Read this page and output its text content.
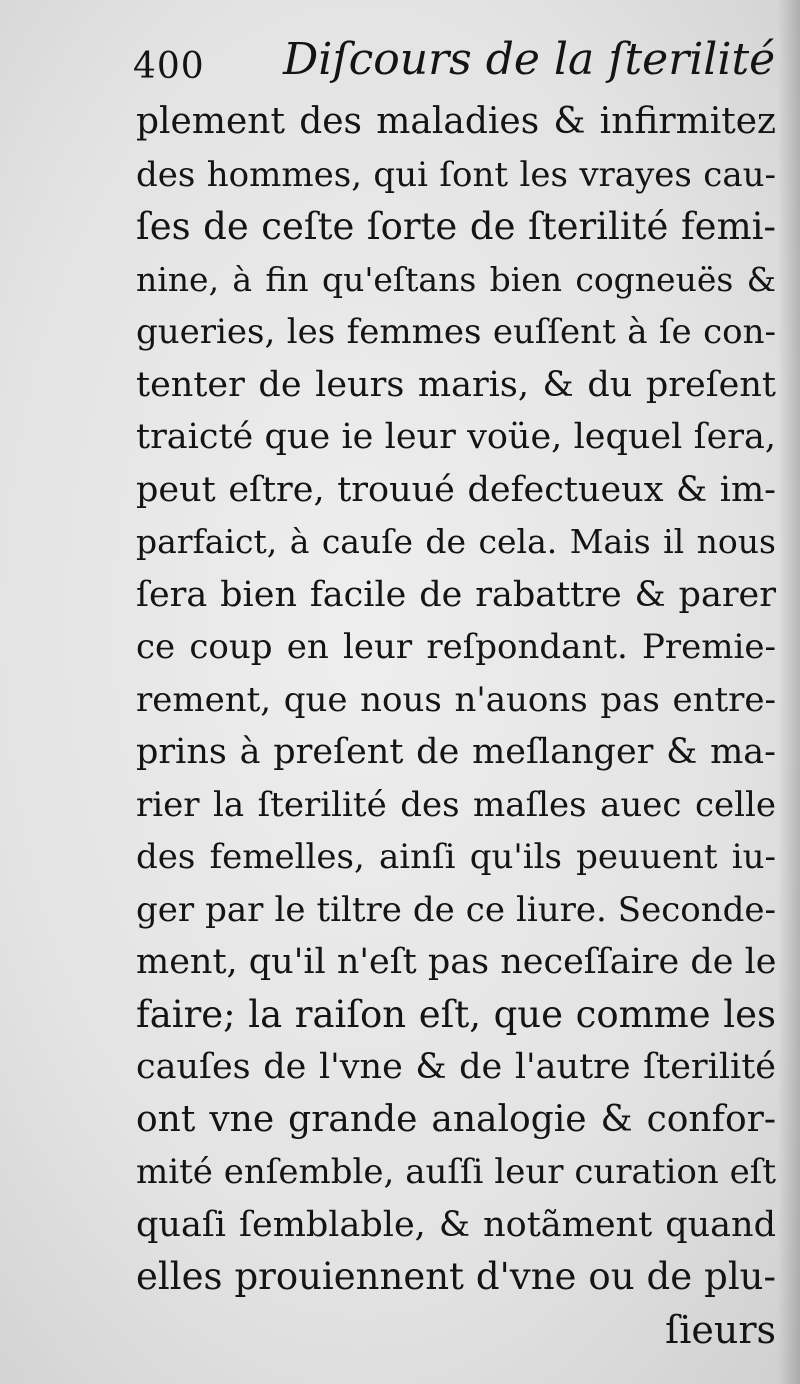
400 Diſcours de la ſterilité
plement des maladies & infirmitez
des hommes, qui ſont les vrayes cau-
ſes de ceſte ſorte de ſterilité femi-
nine, à fin qu'eſtans bien cogneuës &
gueries, les femmes euſſent à ſe con-
tenter de leurs maris, & du preſent
traicté que ie leur voüe, lequel ſera,
peut eſtre, trouué defectueux & im-
parfaict, à cauſe de cela. Mais il nous
ſera bien facile de rabattre & parer
ce coup en leur reſpondant. Premie-
rement, que nous n'auons pas entre-
prins à preſent de meſlanger & ma-
rier la ſterilité des maſles auec celle
des femelles, ainſi qu'ils peuuent iu-
ger par le tiltre de ce liure. Seconde-
ment, qu'il n'eſt pas neceſſaire de le
faire; la raiſon eſt, que comme les
cauſes de l'vne & de l'autre ſterilité
ont vne grande analogie & confor-
mité enſemble, auſſi leur curation eſt
quaſi ſemblable, & notãment quand
elles prouiennent d'vne ou de plu-
ſieurs
